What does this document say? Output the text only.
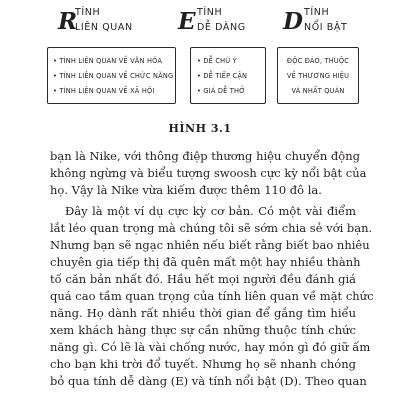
R
TÍNH
LIÊN QUAN
• TÍNH LIÊN QUAN VỀ VĂN HÓA
• TÍNH LIÊN QUAN VỀ CHỨC NĂNG
• TÍNH LIÊN QUAN VỀ XÃ HỘI
E TÍNH
DỄ DÀNG
• DỄ CHÚ Ý
• DỄ TIẾP CẬN
• GIÁ DỄ THỞ
D TÍNH
NỔI BẬT
ĐỘC ĐÁO, THUỘC
VỀ THƯƠNG HIỆU
VÀ NHẤT QUÁN
HÌNH 3.1
bạn là Nike, với thông điệp thương hiệu chuyển động
không ngừng và biểu tượng swoosh cực kỳ nổi bật của
họ. Vậy là Nike vừa kiếm được thêm 110 đô la.
Đây là một ví dụ cực kỳ cơ bản. Có một vài điểm
lắt léo quan trọng mà chúng tôi sẽ sớm chia sẻ với bạn.
Nhưng bạn sẽ ngạc nhiên nếu biết rằng biết bao nhiêu
chuyên gia tiếp thị đã quên mất một hay nhiều thành
tố căn bản nhất đó. Hầu hết mọi người đều đánh giá
quá cao tầm quan trọng của tính liên quan về mặt chức
năng. Họ dành rất nhiều thời gian để gắng tìm hiểu
xem khách hàng thực sự cần những thuộc tính chức
năng gì. Có lẽ là vài chống nước, hay món gì đó giữ ấm
cho bạn khi trời đổ tuyết. Nhưng họ sẽ nhanh chóng
bỏ qua tính dễ dàng (E) và tính nổi bật (D). Theo quan
